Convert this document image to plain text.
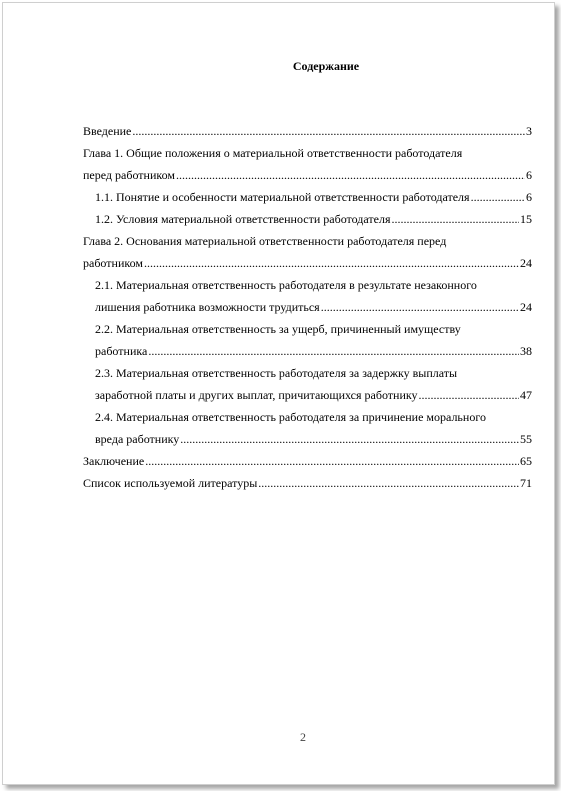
Содержание
Введение .....	3
Глава 1. Общие положения о материальной ответственности работодателя
перед работником .....	6
1.1. Понятие и особенности материальной ответственности работодателя .....	6
1.2. Условия материальной ответственности работодателя .....	15
Глава 2. Основания материальной ответственности работодателя перед
работником .....	24
2.1. Материальная ответственность работодателя в результате незаконного
лишения работника возможности трудиться .....	24
2.2. Материальная ответственность за ущерб, причиненный имуществу
работника .....	38
2.3. Материальная ответственность работодателя за задержку выплаты
заработной платы и других выплат, причитающихся работнику .....	47
2.4. Материальная ответственность работодателя за причинение морального
вреда работнику .....	55
Заключение .....	65
Список используемой литературы .....	71
2
